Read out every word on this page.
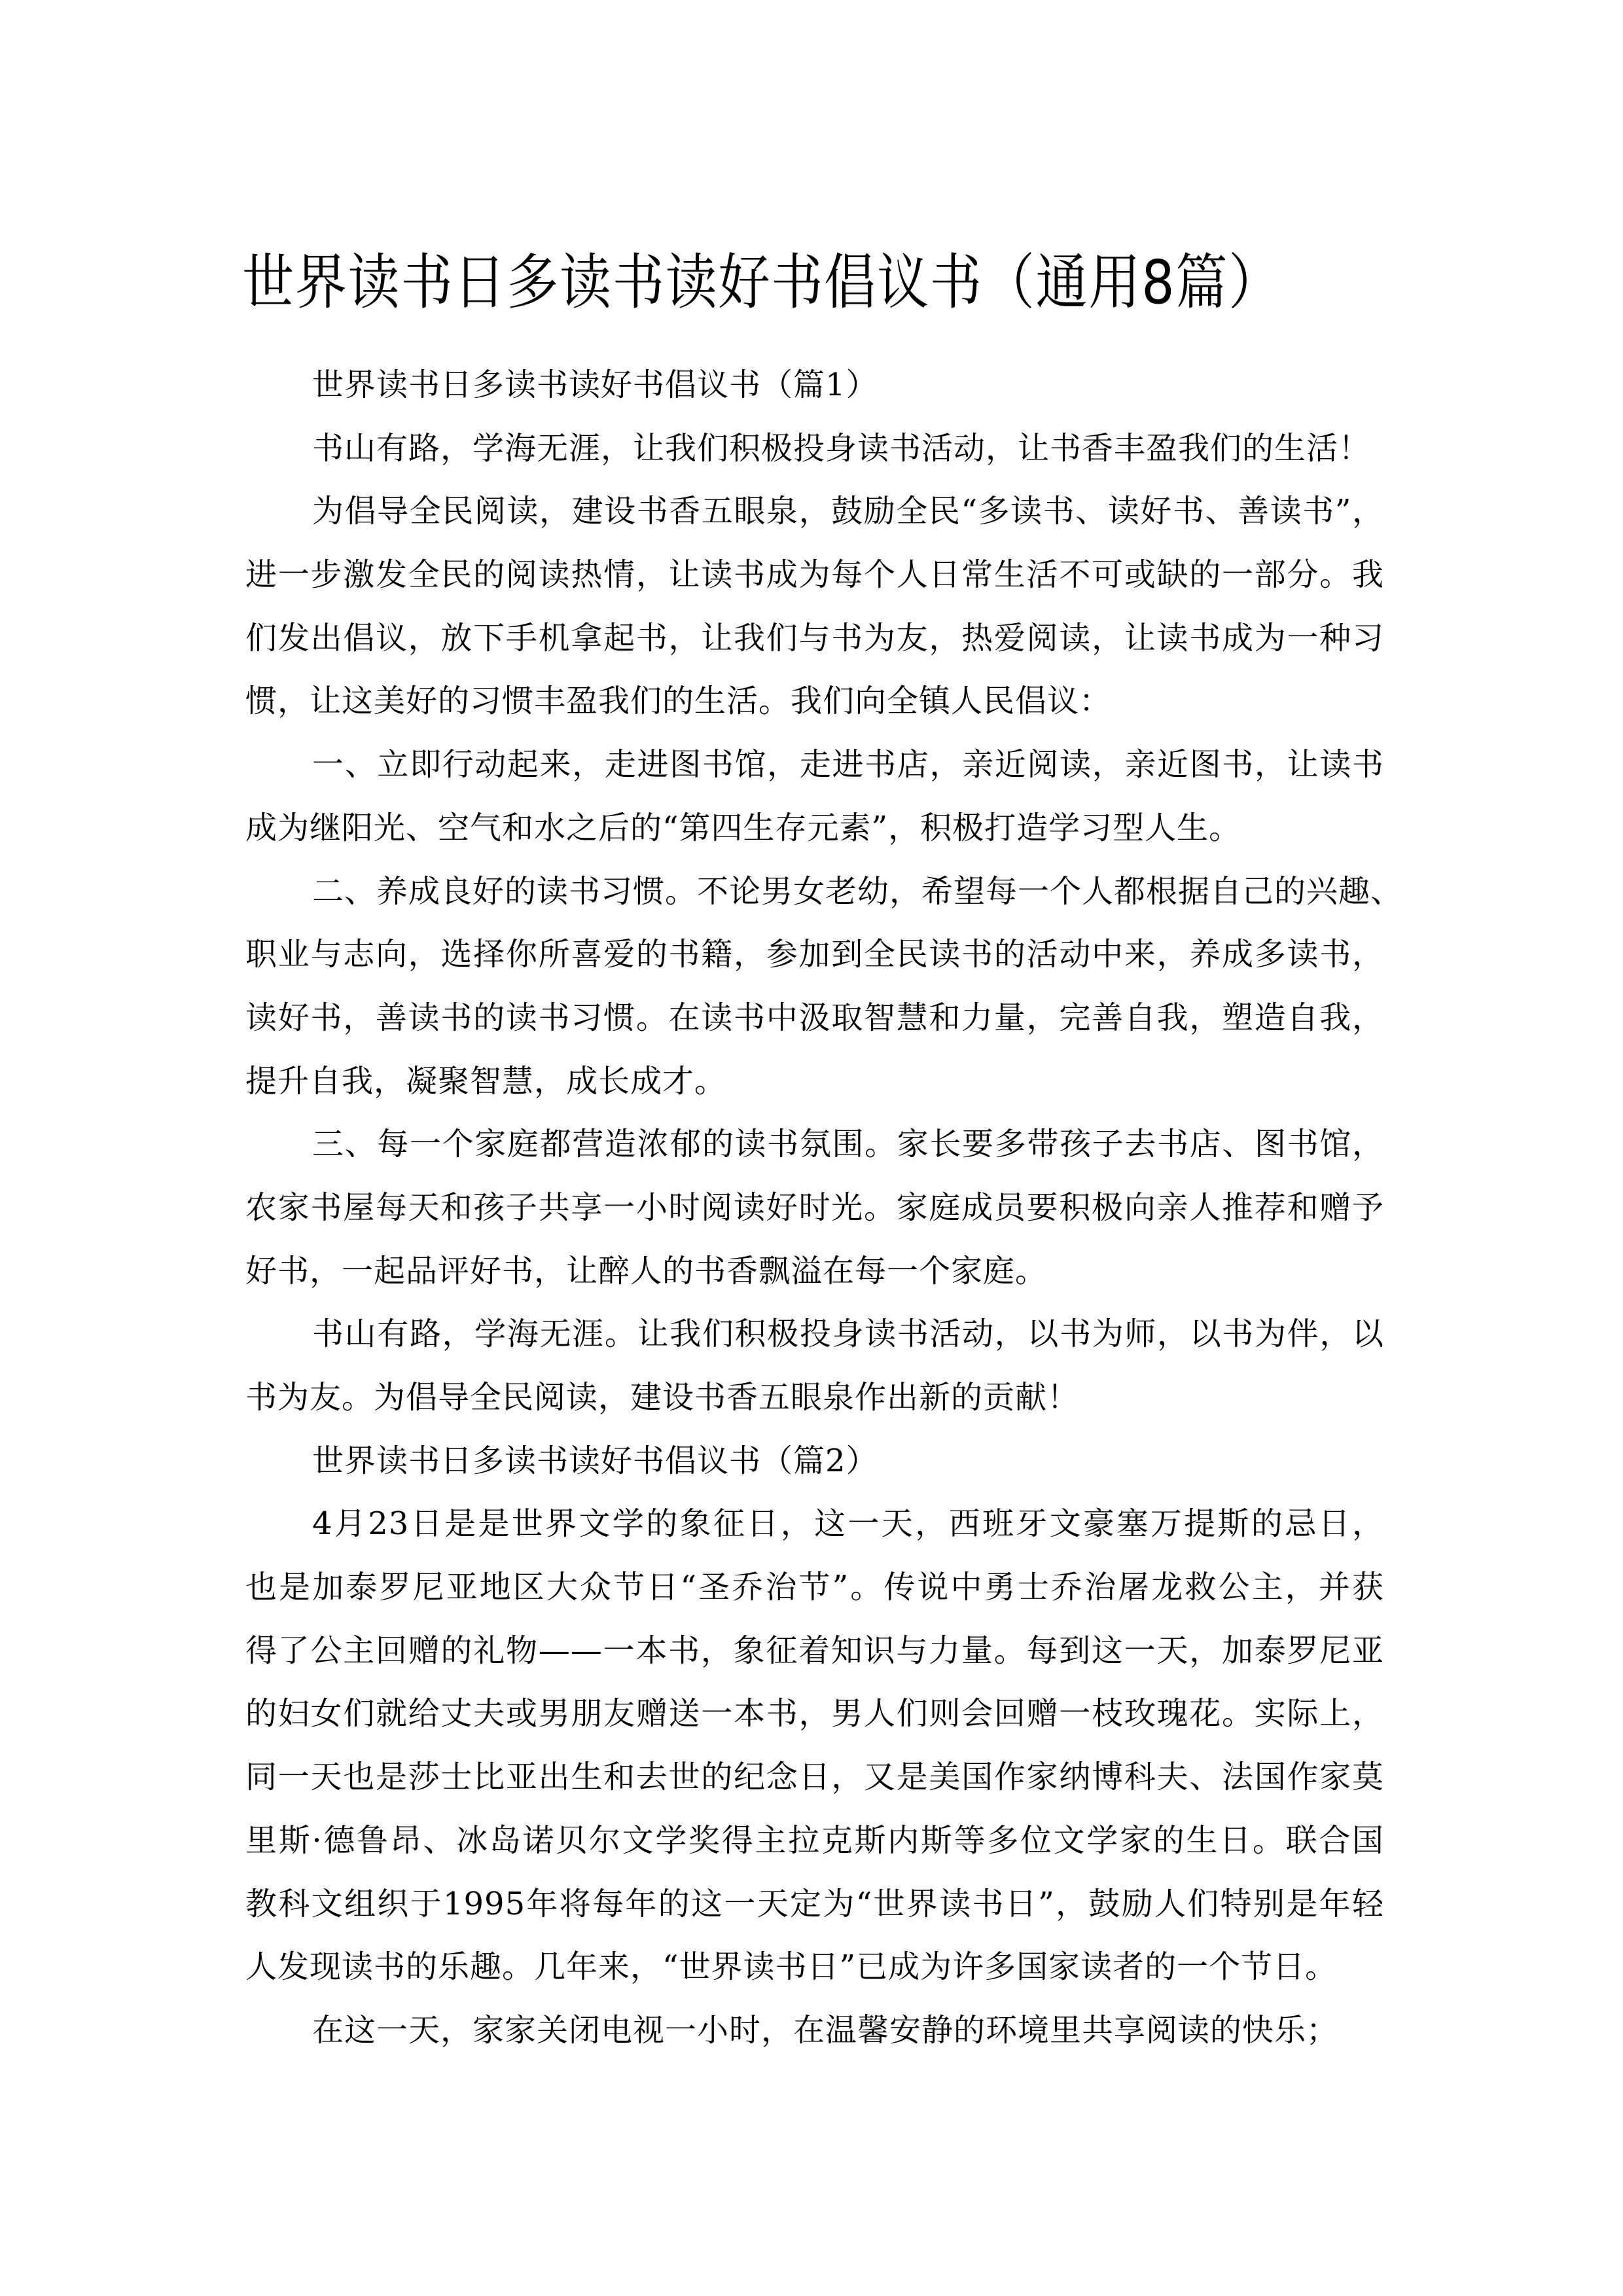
世界读书日多读书读好书倡议书（通用8篇）
世界读书日多读书读好书倡议书（篇1）
书山有路，学海无涯，让我们积极投身读书活动，让书香丰盈我们的生活！
为倡导全民阅读，建设书香五眼泉，鼓励全民“多读书、读好书、善读书”，
进一步激发全民的阅读热情，让读书成为每个人日常生活不可或缺的一部分。我
们发出倡议，放下手机拿起书，让我们与书为友，热爱阅读，让读书成为一种习
惯，让这美好的习惯丰盈我们的生活。我们向全镇人民倡议：
一、立即行动起来，走进图书馆，走进书店，亲近阅读，亲近图书，让读书
成为继阳光、空气和水之后的“第四生存元素”，积极打造学习型人生。
二、养成良好的读书习惯。不论男女老幼，希望每一个人都根据自己的兴趣、
职业与志向，选择你所喜爱的书籍，参加到全民读书的活动中来，养成多读书，
读好书，善读书的读书习惯。在读书中汲取智慧和力量，完善自我，塑造自我，
提升自我，凝聚智慧，成长成才。
三、每一个家庭都营造浓郁的读书氛围。家长要多带孩子去书店、图书馆，
农家书屋每天和孩子共享一小时阅读好时光。家庭成员要积极向亲人推荐和赠予
好书，一起品评好书，让醉人的书香飘溢在每一个家庭。
书山有路，学海无涯。让我们积极投身读书活动，以书为师，以书为伴，以
书为友。为倡导全民阅读，建设书香五眼泉作出新的贡献！
世界读书日多读书读好书倡议书（篇2）
4月23日是是世界文学的象征日，这一天，西班牙文豪塞万提斯的忌日，
也是加泰罗尼亚地区大众节日“圣乔治节”。传说中勇士乔治屠龙救公主，并获
得了公主回赠的礼物——一本书，象征着知识与力量。每到这一天，加泰罗尼亚
的妇女们就给丈夫或男朋友赠送一本书，男人们则会回赠一枝玫瑰花。实际上，
同一天也是莎士比亚出生和去世的纪念日，又是美国作家纳博科夫、法国作家莫
里斯·德鲁昂、冰岛诺贝尔文学奖得主拉克斯内斯等多位文学家的生日。联合国
教科文组织于1995年将每年的这一天定为“世界读书日”，鼓励人们特别是年轻
人发现读书的乐趣。几年来，“世界读书日”已成为许多国家读者的一个节日。
在这一天，家家关闭电视一小时，在温馨安静的环境里共享阅读的快乐；
